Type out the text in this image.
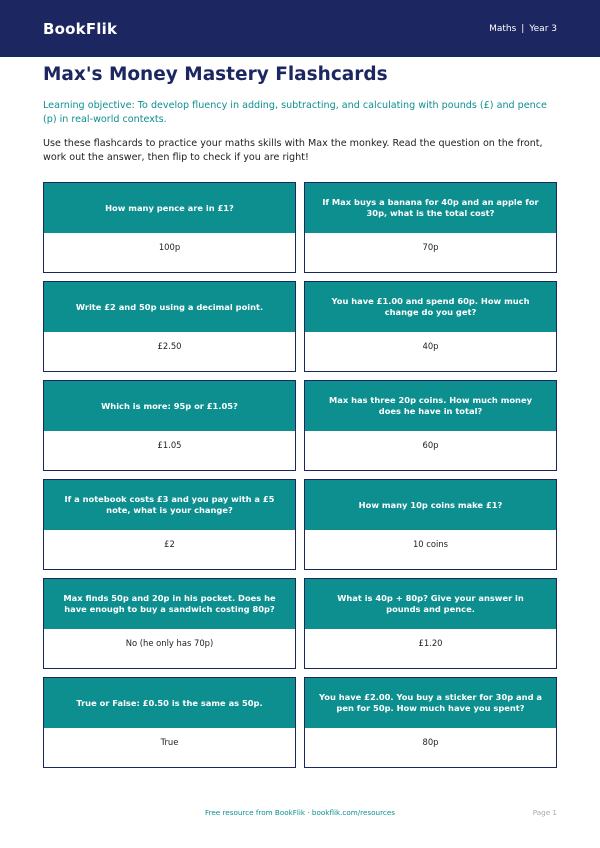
BookFlik	Maths | Year 3
Max's Money Mastery Flashcards

Learning objective: To develop fluency in adding, subtracting, and calculating with pounds (£) and pence (p) in real-world contexts.

Use these flashcards to practice your maths skills with Max the monkey. Read the question on the front, work out the answer, then flip to check if you are right!

How many pence are in £1?
100p
If Max buys a banana for 40p and an apple for 30p, what is the total cost?
70p
Write £2 and 50p using a decimal point.
£2.50
You have £1.00 and spend 60p. How much change do you get?
40p
Which is more: 95p or £1.05?
£1.05
Max has three 20p coins. How much money does he have in total?
60p
If a notebook costs £3 and you pay with a £5 note, what is your change?
£2
How many 10p coins make £1?
10 coins
Max finds 50p and 20p in his pocket. Does he have enough to buy a sandwich costing 80p?
No (he only has 70p)
What is 40p + 80p? Give your answer in pounds and pence.
£1.20
True or False: £0.50 is the same as 50p.
True
You have £2.00. You buy a sticker for 30p and a pen for 50p. How much have you spent?
80p
Free resource from BookFlik · bookflik.com/resources	Page 1
